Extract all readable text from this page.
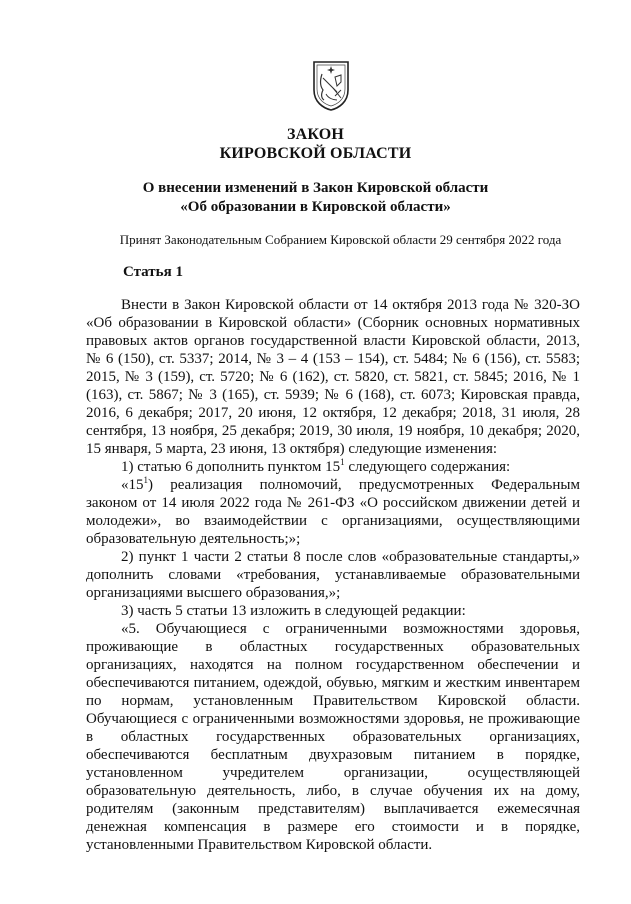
ЗАКОН
КИРОВСКОЙ ОБЛАСТИ
О внесении изменений в Закон Кировской области
«Об образовании в Кировской области»
Принят Законодательным Собранием Кировской области 29 сентября 2022 года
Статья 1

Внести в Закон Кировской области от 14 октября 2013 года № 320-ЗО «Об образовании в Кировской области» (Сборник основных нормативных правовых актов органов государственной власти Кировской области, 2013, № 6 (150), ст. 5337; 2014, № 3 – 4 (153 – 154), ст. 5484; № 6 (156), ст. 5583; 2015, № 3 (159), ст. 5720; № 6 (162), ст. 5820, ст. 5821, ст. 5845; 2016, № 1 (163), ст. 5867; № 3 (165), ст. 5939; № 6 (168), ст. 6073; Кировская правда, 2016, 6 декабря; 2017, 20 июня, 12 октября, 12 декабря; 2018, 31 июля, 28 сентября, 13 ноября, 25 декабря; 2019, 30 июля, 19 ноября, 10 декабря; 2020, 15 января, 5 марта, 23 июня, 13 октября) следующие изменения:

1) статью 6 дополнить пунктом $15^1$ следующего содержания:

«$15^1$) реализация полномочий, предусмотренных Федеральным законом от 14 июля 2022 года № 261-ФЗ «О российском движении детей и молодежи», во взаимодействии с организациями, осуществляющими образовательную деятельность;»;

2) пункт 1 части 2 статьи 8 после слов «образовательные стандарты,» дополнить словами «требования, устанавливаемые образовательными организациями высшего образования,»;

3) часть 5 статьи 13 изложить в следующей редакции:

«5. Обучающиеся с ограниченными возможностями здоровья, проживающие в областных государственных образовательных организациях, находятся на полном государственном обеспечении и обеспечиваются питанием, одеждой, обувью, мягким и жестким инвентарем по нормам, установленным Правительством Кировской области. Обучающиеся с ограниченными возможностями здоровья, не проживающие в областных государственных образовательных организациях, обеспечиваются бесплатным двухразовым питанием в порядке, установленном учредителем организации, осуществляющей образовательную деятельность, либо, в случае обучения их на дому, родителям (законным представителям) выплачивается ежемесячная денежная компенсация в размере его стоимости и в порядке, установленными Правительством Кировской области.
